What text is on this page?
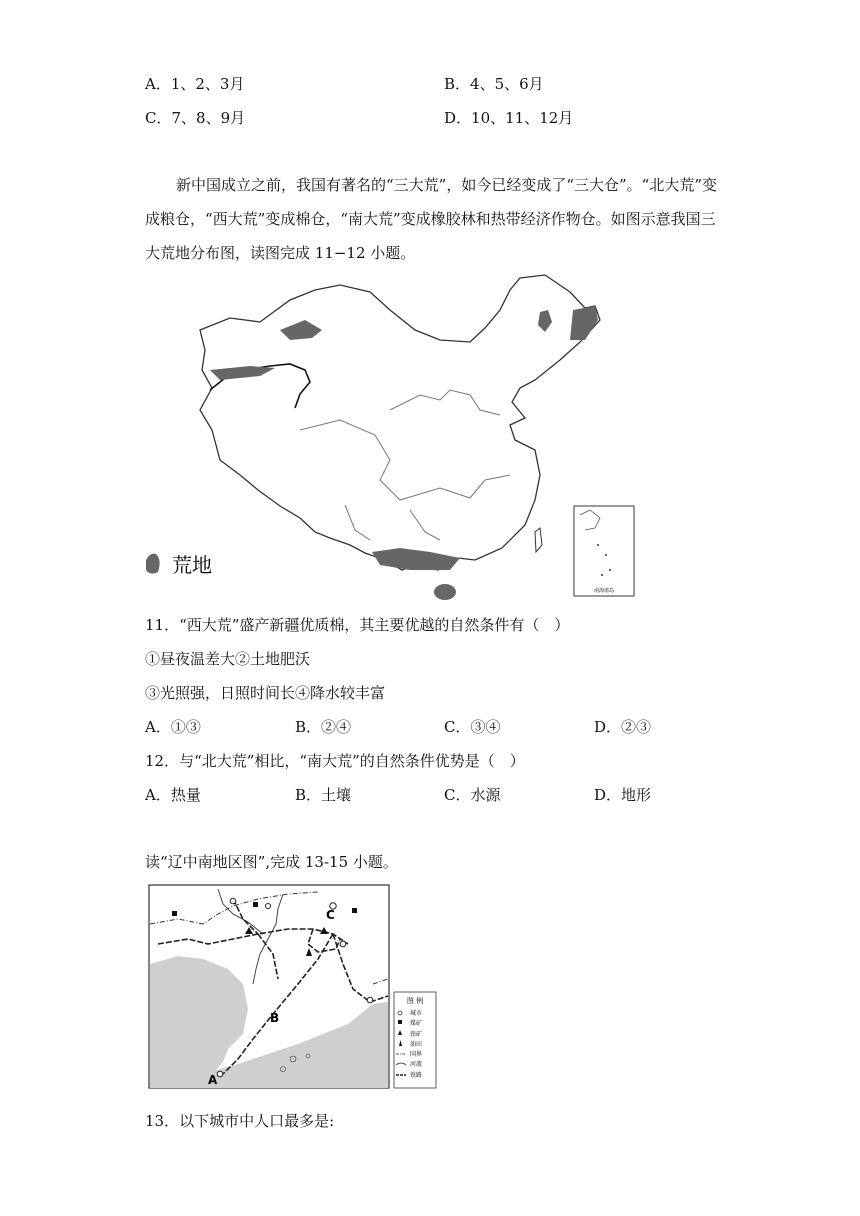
A．1、2、3月	B．4、5、6月
C．7、8、9月	D．10、11、12月
新中国成立之前，我国有著名的“三大荒”，如今已经变成了“三大仓”。“北大荒”变
成粮仓，“西大荒”变成棉仓，“南大荒”变成橡胶林和热带经济作物仓。如图示意我国三
大荒地分布图，读图完成 11−12 小题。
南海诸岛
荒地
11．“西大荒”盛产新疆优质棉，其主要优越的自然条件有（　）
①昼夜温差大②土地肥沃
③光照强，日照时间长④降水较丰富
A．①③	B．②④	C．③④	D．②③
12．与“北大荒”相比，“南大荒”的自然条件优势是（　）
A．热量	B．土壤	C．水源	D．地形
读“辽中南地区图”,完成 13-15 小题。
A
B
C
图 例
城市
煤矿
铁矿
油田
国界
河流
铁路
13．以下城市中人口最多是:
